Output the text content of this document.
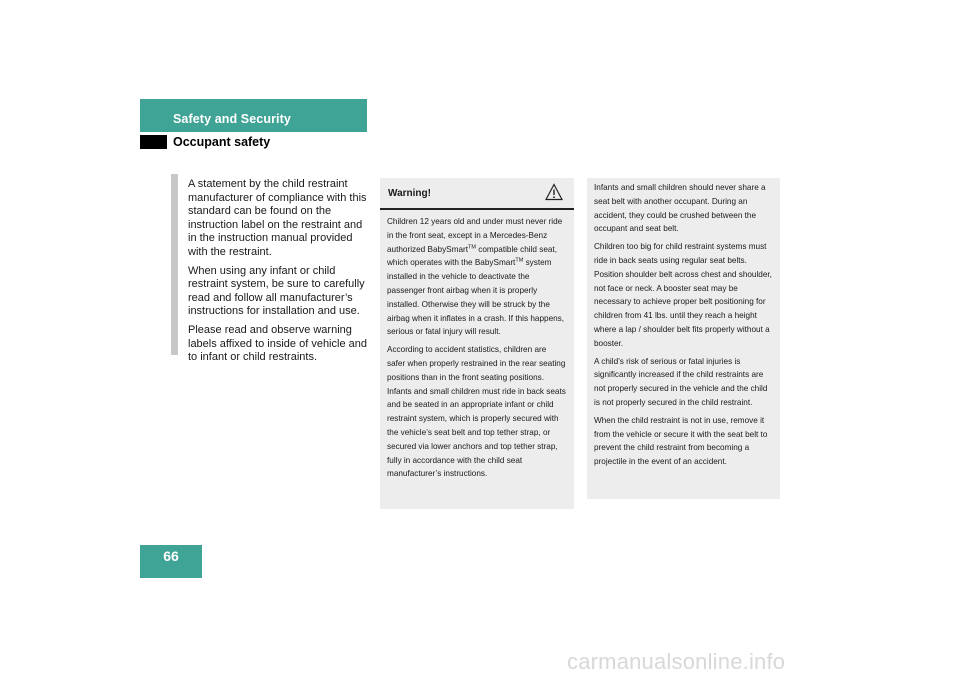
Safety and Security
Occupant safety

A statement by the child restraint manufacturer of compliance with this standard can be found on the instruction label on the restraint and in the instruction manual provided with the restraint.

When using any infant or child restraint system, be sure to carefully read and follow all manufacturer’s instructions for installation and use.

Please read and observe warning labels affixed to inside of vehicle and to infant or child restraints.

Warning!

Children 12 years old and under must never ride in the front seat, except in a Mercedes-Benz authorized BabySmart™ compatible child seat, which operates with the BabySmart™ system installed in the vehicle to deactivate the passenger front airbag when it is properly installed. Otherwise they will be struck by the airbag when it inflates in a crash. If this happens, serious or fatal injury will result.

According to accident statistics, children are safer when properly restrained in the rear seating positions than in the front seating positions. Infants and small children must ride in back seats and be seated in an appropriate infant or child restraint system, which is properly secured with the vehicle’s seat belt and top tether strap, or secured via lower anchors and top tether strap, fully in accordance with the child seat manufacturer’s instructions.

Infants and small children should never share a seat belt with another occupant. During an accident, they could be crushed between the occupant and seat belt.

Children too big for child restraint systems must ride in back seats using regular seat belts. Position shoulder belt across chest and shoulder, not face or neck. A booster seat may be necessary to achieve proper belt positioning for children from 41 lbs. until they reach a height where a lap / shoulder belt fits properly without a booster.

A child’s risk of serious or fatal injuries is significantly increased if the child restraints are not properly secured in the vehicle and the child is not properly secured in the child restraint.

When the child restraint is not in use, remove it from the vehicle or secure it with the seat belt to prevent the child restraint from becoming a projectile in the event of an accident.

66
carmanualsonline.info
